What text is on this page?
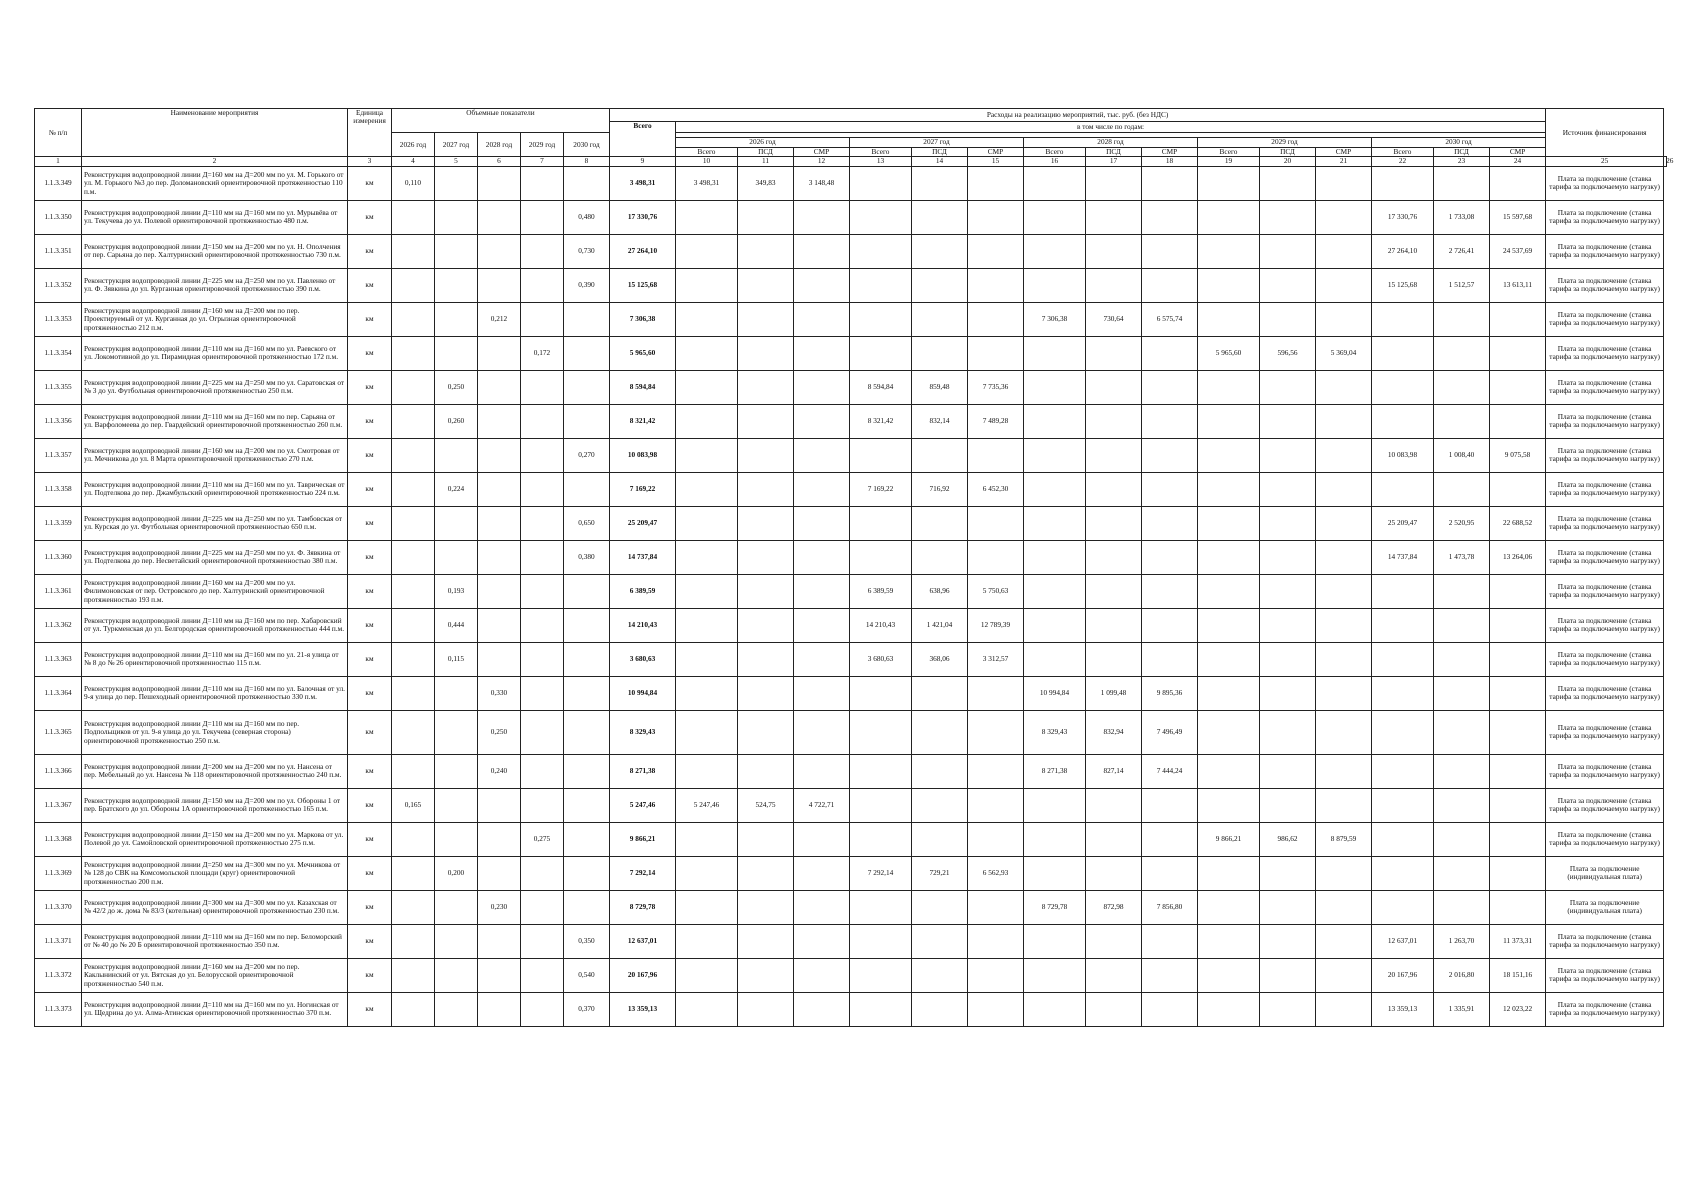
№ п/п	Наименование мероприятия	Единица измерения	Объемные показатели					Расходы на реализацию мероприятий, тыс. руб. (без НДС)																Источник финансирования	
								Всего	в том числе по годам:																
			2026 год	2027 год	2028 год	2029 год	2030 год																		
									2026 год			2027 год			2028 год			2029 год			2030 год				
									Всего	ПСД	СМР	Всего	ПСД	СМР	Всего	ПСД	СМР	Всего	ПСД	СМР	Всего	ПСД	СМР		
1	2	3	4	5	6	7	8	9	10	11	12	13	14	15	16	17	18	19	20	21	22	23	24	25	26
1.1.3.349	Реконструкция водопроводной линии Д=160 мм на Д=200 мм по ул. М. Горького от ул. М. Горького №3 до пер. Доломановский ориентировочной протяженностью 110 п.м.	км	0,110					3 498,31	3 498,31	349,83	3 148,48													Плата за подключение (ставка тарифа за подключаемую нагрузку)	
1.1.3.350	Реконструкция водопроводной линии Д=110 мм на Д=160 мм по ул. Мурывёва от ул. Текучева до ул. Полевой ориентировочной протяженностью 480 п.м.	км					0,480	17 330,76													17 330,76	1 733,08	15 597,68	Плата за подключение (ставка тарифа за подключаемую нагрузку)	
1.1.3.351	Реконструкция водопроводной линии Д=150 мм на Д=200 мм по ул. Н. Ополчения от пер. Сарьяна до пер. Халтуринский ориентировочной протяженностью 730 п.м.	км					0,730	27 264,10													27 264,10	2 726,41	24 537,69	Плата за подключение (ставка тарифа за подключаемую нагрузку)	
1.1.3.352	Реконструкция водопроводной линии Д=225 мм на Д=250 мм по ул. Павленко от ул. Ф. Зявкина до ул. Курганная ориентировочной протяженностью 390 п.м.	км					0,390	15 125,68													15 125,68	1 512,57	13 613,11	Плата за подключение (ставка тарифа за подключаемую нагрузку)	
1.1.3.353	Реконструкция водопроводной линии Д=160 мм на Д=200 мм по пер. Проектируемый от ул. Курганная до ул. Огрызная ориентировочной протяженностью 212 п.м.	км			0,212			7 306,38							7 306,38	730,64	6 575,74							Плата за подключение (ставка тарифа за подключаемую нагрузку)	
1.1.3.354	Реконструкция водопроводной линии Д=110 мм на Д=160 мм по ул. Раевского от ул. Локомотивной до ул. Пирамидная ориентировочной протяженностью 172 п.м.	км				0,172		5 965,60										5 965,60	596,56	5 369,04				Плата за подключение (ставка тарифа за подключаемую нагрузку)	
1.1.3.355	Реконструкция водопроводной линии Д=225 мм на Д=250 мм по ул. Саратовская от № 3 до ул. Футбольная ориентировочной протяженностью 250 п.м.	км		0,250				8 594,84				8 594,84	859,48	7 735,36										Плата за подключение (ставка тарифа за подключаемую нагрузку)	
1.1.3.356	Реконструкция водопроводной линии Д=110 мм на Д=160 мм по пер. Сарьяна от ул. Варфоломеева до пер. Гвардейский ориентировочной протяженностью 260 п.м.	км		0,260				8 321,42				8 321,42	832,14	7 489,28										Плата за подключение (ставка тарифа за подключаемую нагрузку)	
1.1.3.357	Реконструкция водопроводной линии Д=160 мм на Д=200 мм по ул. Смотровая от ул. Мечникова до ул. 8 Марта ориентировочной протяженностью 270 п.м.	км					0,270	10 083,98													10 083,98	1 008,40	9 075,58	Плата за подключение (ставка тарифа за подключаемую нагрузку)	
1.1.3.358	Реконструкция водопроводной линии Д=110 мм на Д=160 мм по ул. Таврическая от ул. Подтелкова до пер. Джамбульский ориентировочной протяженностью 224 п.м.	км		0,224				7 169,22				7 169,22	716,92	6 452,30										Плата за подключение (ставка тарифа за подключаемую нагрузку)	
1.1.3.359	Реконструкция водопроводной линии Д=225 мм на Д=250 мм по ул. Тамбовская от ул. Курская до ул. Футбольная ориентировочной протяженностью 650 п.м.	км					0,650	25 209,47													25 209,47	2 520,95	22 688,52	Плата за подключение (ставка тарифа за подключаемую нагрузку)	
1.1.3.360	Реконструкция водопроводной линии Д=225 мм на Д=250 мм по ул. Ф. Зявкина от ул. Подтелкова до пер. Несветайский ориентировочной протяженностью 380 п.м.	км					0,380	14 737,84													14 737,84	1 473,78	13 264,06	Плата за подключение (ставка тарифа за подключаемую нагрузку)	
1.1.3.361	Реконструкция водопроводной линии Д=160 мм на Д=200 мм по ул. Филимоновская от пер. Островского до пер. Халтуринский ориентировочной протяженностью 193 п.м.	км		0,193				6 389,59				6 389,59	638,96	5 750,63										Плата за подключение (ставка тарифа за подключаемую нагрузку)	
1.1.3.362	Реконструкция водопроводной линии Д=110 мм на Д=160 мм по пер. Хабаровский от ул. Туркменская до ул. Белгородская ориентировочной протяженностью 444 п.м.	км		0,444				14 210,43				14 210,43	1 421,04	12 789,39										Плата за подключение (ставка тарифа за подключаемую нагрузку)	
1.1.3.363	Реконструкция водопроводной линии Д=110 мм на Д=160 мм по ул. 21-я улица от № 8 до № 26 ориентировочной протяженностью 115 п.м.	км		0,115				3 680,63				3 680,63	368,06	3 312,57										Плата за подключение (ставка тарифа за подключаемую нагрузку)	
1.1.3.364	Реконструкция водопроводной линии Д=110 мм на Д=160 мм по ул. Балочная от ул. 9-я улица до пер. Пешеходный ориентировочной протяженностью 330 п.м.	км			0,330			10 994,84							10 994,84	1 099,48	9 895,36							Плата за подключение (ставка тарифа за подключаемую нагрузку)	
1.1.3.365	Реконструкция водопроводной линии Д=110 мм на Д=160 мм по пер. Подпольщиков от ул. 9-я улица до ул. Текучева (северная сторона) ориентировочной протяженностью 250 п.м.	км			0,250			8 329,43							8 329,43	832,94	7 496,49							Плата за подключение (ставка тарифа за подключаемую нагрузку)	
1.1.3.366	Реконструкция водопроводной линии Д=200 мм на Д=200 мм по ул. Нансена от пер. Мебельный до ул. Нансена № 118 ориентировочной протяженностью 240 п.м.	км			0,240			8 271,38							8 271,38	827,14	7 444,24							Плата за подключение (ставка тарифа за подключаемую нагрузку)	
1.1.3.367	Реконструкция водопроводной линии Д=150 мм на Д=200 мм по ул. Обороны 1 от пер. Братского до ул. Обороны 1А ориентировочной протяженностью 165 п.м.	км	0,165					5 247,46	5 247,46	524,75	4 722,71													Плата за подключение (ставка тарифа за подключаемую нагрузку)	
1.1.3.368	Реконструкция водопроводной линии Д=150 мм на Д=200 мм по ул. Маркова от ул. Полевой до ул. Самойловской ориентировочной протяженностью 275 п.м.	км				0,275		9 866,21										9 866,21	986,62	8 879,59				Плата за подключение (ставка тарифа за подключаемую нагрузку)	
1.1.3.369	Реконструкция водопроводной линии Д=250 мм на Д=300 мм по ул. Мечникова от № 128 до СВК на Комсомольской площади (круг) ориентировочной протяженностью 200 п.м.	км		0,200				7 292,14				7 292,14	729,21	6 562,93										Плата за подключение (индивидуальная плата)	
1.1.3.370	Реконструкция водопроводной линии Д=300 мм на Д=300 мм по ул. Казахская от № 42/2 до ж. дома № 83/3 (котельная) ориентировочной протяженностью 230 п.м.	км			0,230			8 729,78							8 729,78	872,98	7 856,80							Плата за подключение (индивидуальная плата)	
1.1.3.371	Реконструкция водопроводной линии Д=110 мм на Д=160 мм по пер. Беломорский от № 40 до № 20 Б ориентировочной протяженностью 350 п.м.	км					0,350	12 637,01													12 637,01	1 263,70	11 373,31	Плата за подключение (ставка тарифа за подключаемую нагрузку)	
1.1.3.372	Реконструкция водопроводной линии Д=160 мм на Д=200 мм по пер. Каклынинский от ул. Вятская до ул. Белорусской ориентировочной протяженностью 540 п.м.	км					0,540	20 167,96													20 167,96	2 016,80	18 151,16	Плата за подключение (ставка тарифа за подключаемую нагрузку)	
1.1.3.373	Реконструкция водопроводной линии Д=110 мм на Д=160 мм по ул. Ногинская от ул. Щедрина до ул. Алма-Атинская ориентировочной протяженностью 370 п.м.	км					0,370	13 359,13													13 359,13	1 335,91	12 023,22	Плата за подключение (ставка тарифа за подключаемую нагрузку)	
